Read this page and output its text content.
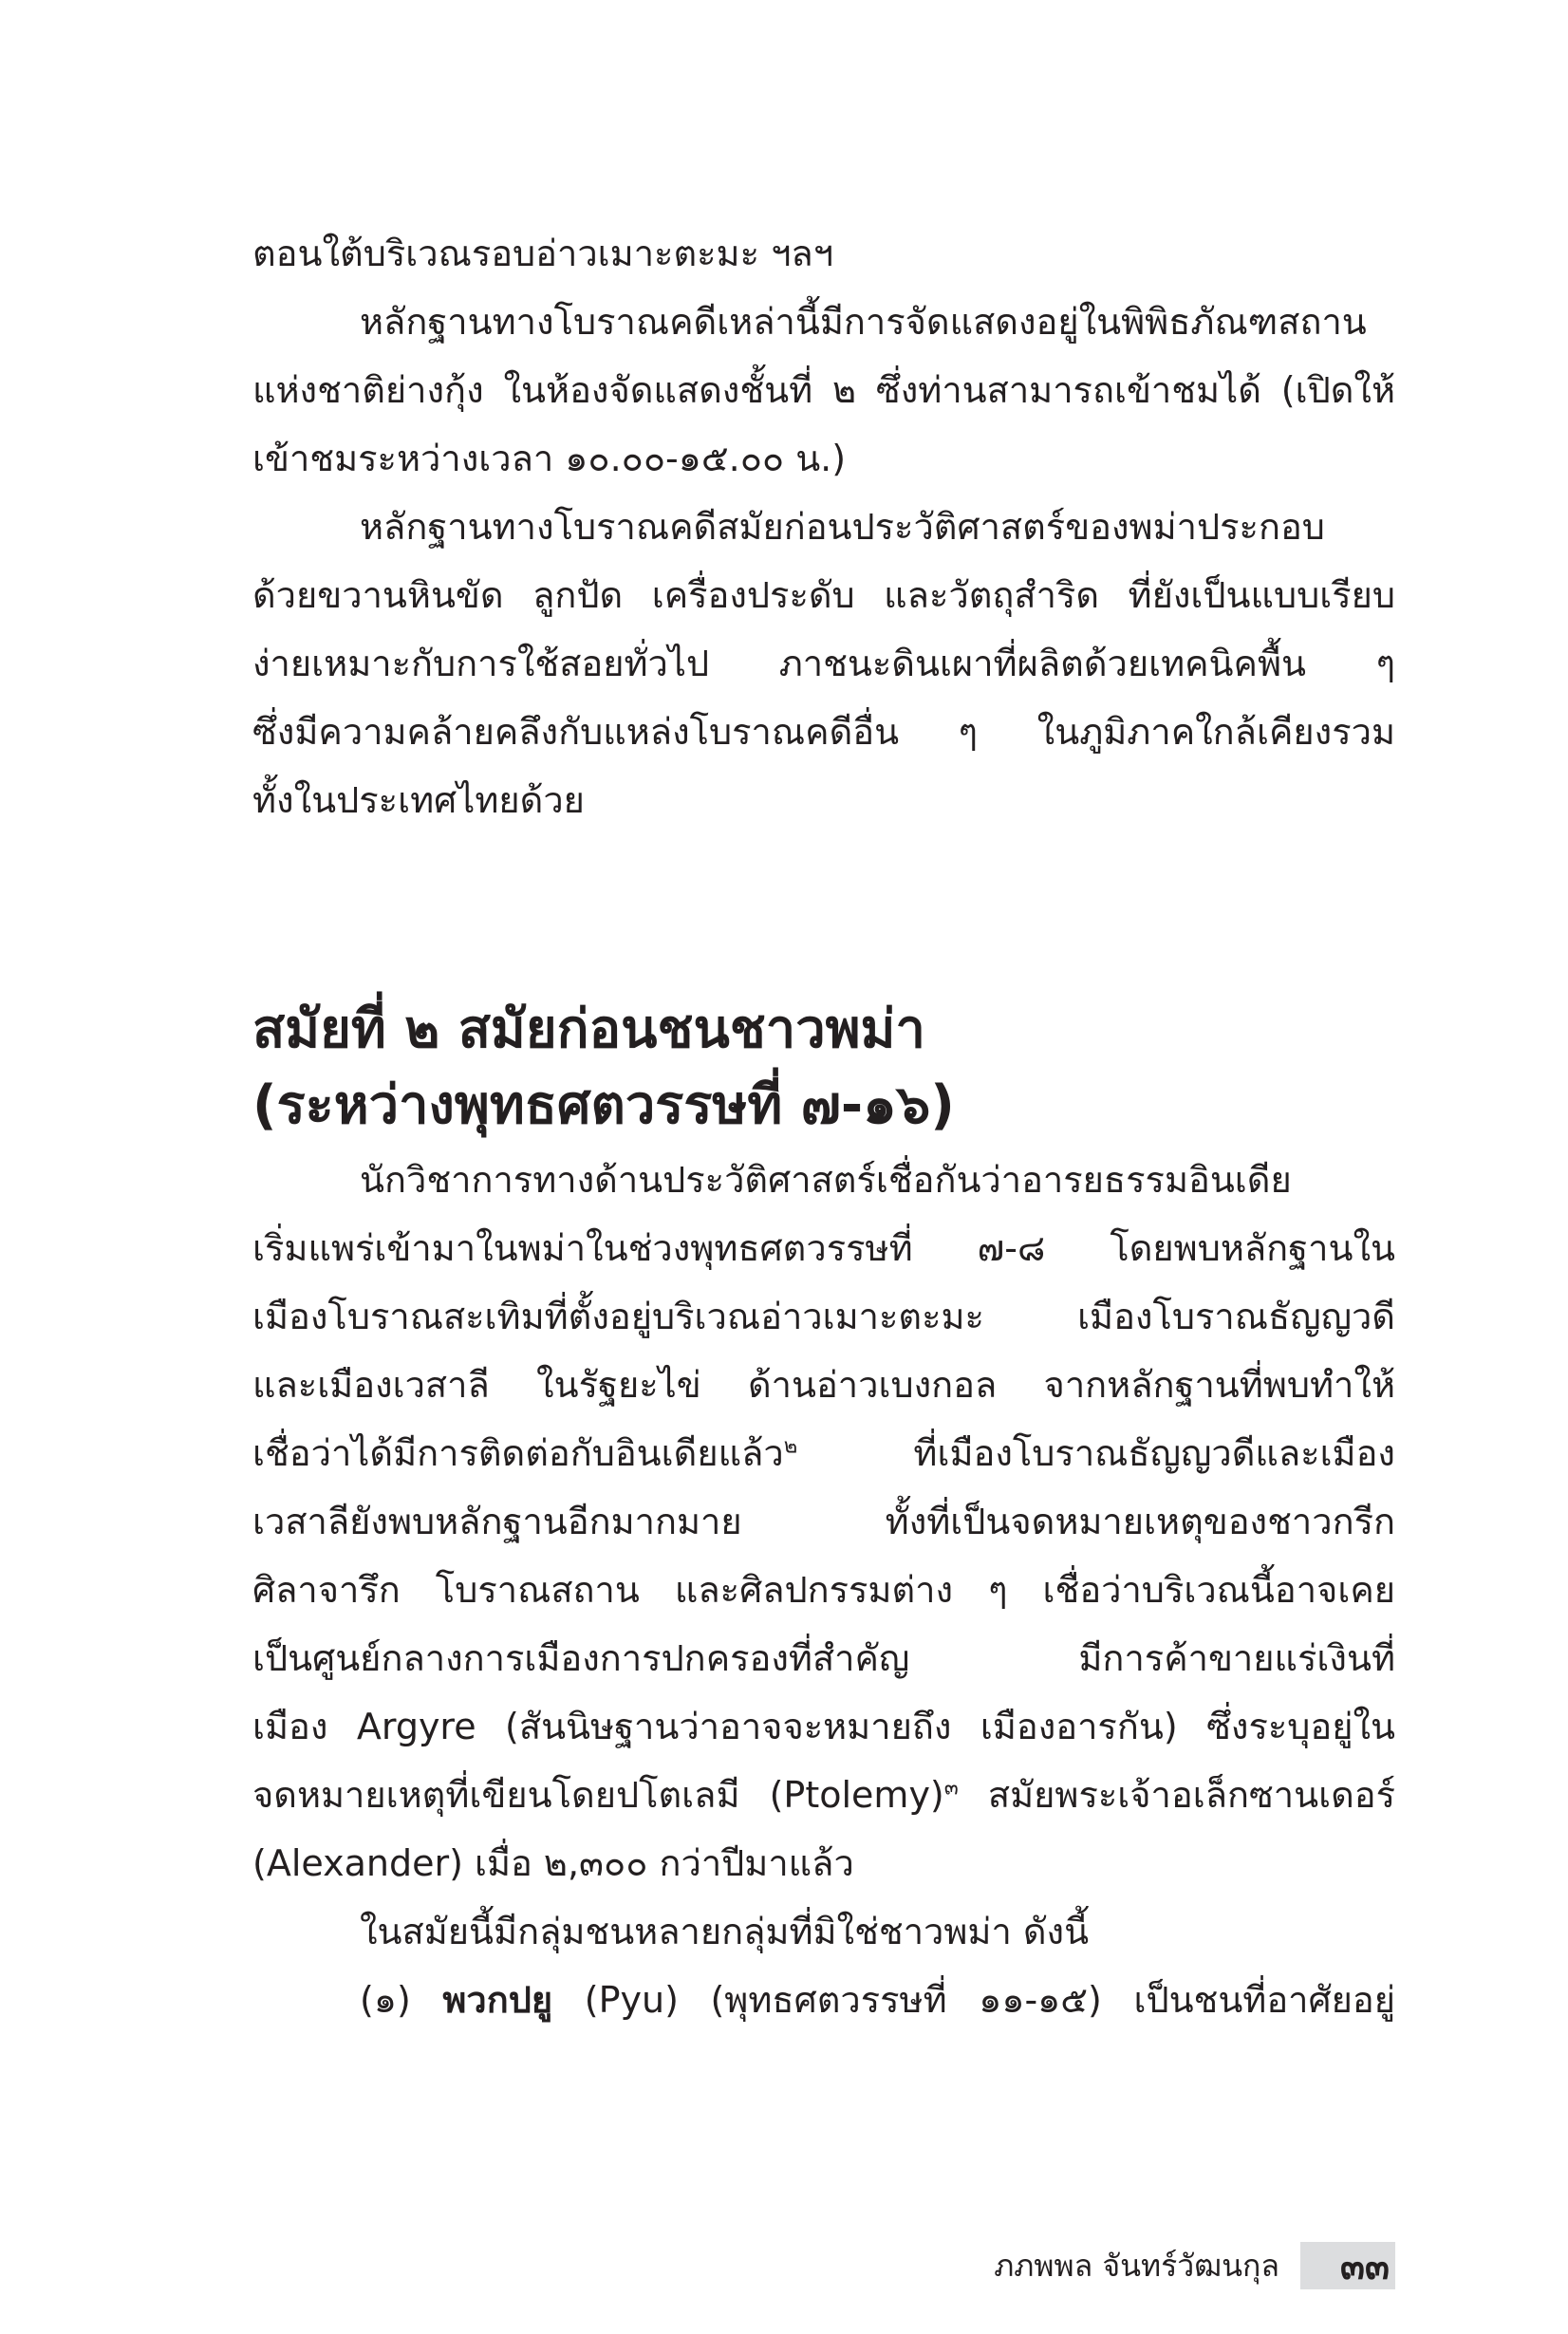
ตอนใต้บริเวณรอบอ่าวเมาะตะมะ ฯลฯ
หลักฐานทางโบราณคดีเหล่านี้มีการจัดแสดงอยู่ในพิพิธภัณฑสถาน
แห่งชาติย่างกุ้ง ในห้องจัดแสดงชั้นที่ ๒ ซึ่งท่านสามารถเข้าชมได้ (เปิดให้
เข้าชมระหว่างเวลา ๑๐.๐๐-๑๕.๐๐ น.)
หลักฐานทางโบราณคดีสมัยก่อนประวัติศาสตร์ของพม่าประกอบ
ด้วยขวานหินขัด ลูกปัด เครื่องประดับ และวัตถุสำริด ที่ยังเป็นแบบเรียบ
ง่ายเหมาะกับการใช้สอยทั่วไป ภาชนะดินเผาที่ผลิตด้วยเทคนิคพื้น ๆ
ซึ่งมีความคล้ายคลึงกับแหล่งโบราณคดีอื่น ๆ ในภูมิภาคใกล้เคียงรวม
ทั้งในประเทศไทยด้วย
สมัยที่ ๒ สมัยก่อนชนชาวพม่า
(ระหว่างพุทธศตวรรษที่ ๗-๑๖)
นักวิชาการทางด้านประวัติศาสตร์เชื่อกันว่าอารยธรรมอินเดีย
เริ่มแพร่เข้ามาในพม่าในช่วงพุทธศตวรรษที่ ๗-๘ โดยพบหลักฐานใน
เมืองโบราณสะเทิมที่ตั้งอยู่บริเวณอ่าวเมาะตะมะ เมืองโบราณธัญญวดี
และเมืองเวสาลี ในรัฐยะไข่ ด้านอ่าวเบงกอล จากหลักฐานที่พบทำให้
เชื่อว่าได้มีการติดต่อกับอินเดียแล้ว$^๒$	ที่เมืองโบราณธัญญวดีและเมือง
เวสาลียังพบหลักฐานอีกมากมาย ทั้งที่เป็นจดหมายเหตุของชาวกรีก
ศิลาจารึก โบราณสถาน และศิลปกรรมต่าง ๆ เชื่อว่าบริเวณนี้อาจเคย
เป็นศูนย์กลางการเมืองการปกครองที่สำคัญ มีการค้าขายแร่เงินที่
เมือง Argyre (สันนิษฐานว่าอาจจะหมายถึง เมืองอารกัน) ซึ่งระบุอยู่ใน
จดหมายเหตุที่เขียนโดยปโตเลมี (Ptolemy)$^๓$ สมัยพระเจ้าอเล็กซานเดอร์
(Alexander) เมื่อ ๒,๓๐๐ กว่าปีมาแล้ว
ในสมัยนี้มีกลุ่มชนหลายกลุ่มที่มิใช่ชาวพม่า ดังนี้
(๑) พวกปยู (Pyu) (พุทธศตวรรษที่ ๑๑-๑๕) เป็นชนที่อาศัยอยู่
ภภพพล จันทร์วัฒนกุล	๓๓
